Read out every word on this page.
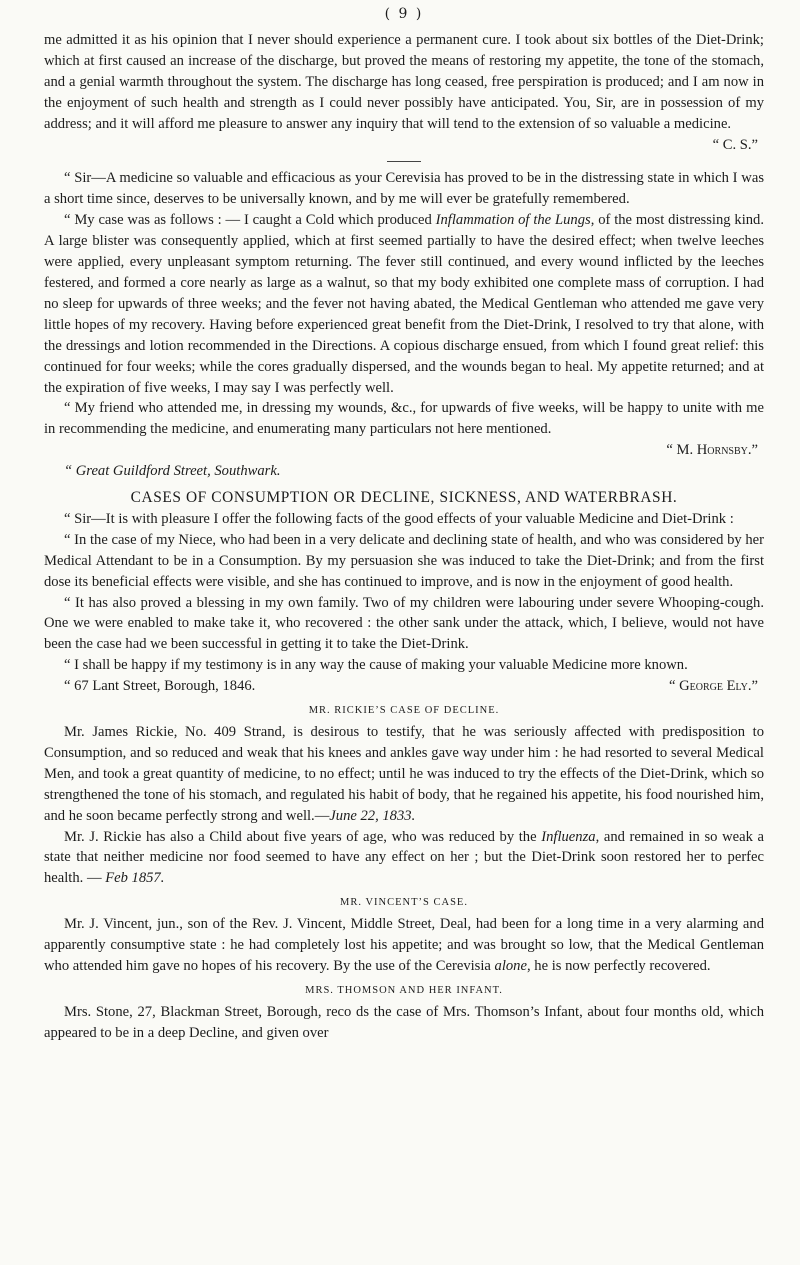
( 9 )

me admitted it as his opinion that I never should experience a permanent cure. I took about six bottles of the Diet-Drink; which at first caused an increase of the discharge, but proved the means of restoring my appetite, the tone of the stomach, and a genial warmth throughout the system. The discharge has long ceased, free perspiration is produced; and I am now in the enjoyment of such health and strength as I could never possibly have anticipated. You, Sir, are in possession of my address; and it will afford me pleasure to answer any inquiry that will tend to the extension of so valuable a medicine.

“ C. S.”

“ Sir—A medicine so valuable and efficacious as your Cerevisia has proved to be in the distressing state in which I was a short time since, deserves to be universally known, and by me will ever be gratefully remembered.

“ My case was as follows : — I caught a Cold which produced Inflammation of the Lungs, of the most distressing kind. A large blister was consequently applied, which at first seemed partially to have the desired effect; when twelve leeches were applied, every unpleasant symptom returning. The fever still continued, and every wound inflicted by the leeches festered, and formed a core nearly as large as a walnut, so that my body exhibited one complete mass of corruption. I had no sleep for upwards of three weeks; and the fever not having abated, the Medical Gentleman who attended me gave very little hopes of my recovery. Having before experienced great benefit from the Diet-Drink, I resolved to try that alone, with the dressings and lotion recommended in the Directions. A copious discharge ensued, from which I found great relief: this continued for four weeks; while the cores gradually dispersed, and the wounds began to heal. My appetite returned; and at the expiration of five weeks, I may say I was perfectly well.

“ My friend who attended me, in dressing my wounds, &c., for upwards of five weeks, will be happy to unite with me in recommending the medicine, and enumerating many particulars not here mentioned.

“ M. Hornsby.”

“ Great Guildford Street, Southwark.

CASES OF CONSUMPTION OR DECLINE, SICKNESS, AND WATERBRASH.

“ Sir—It is with pleasure I offer the following facts of the good effects of your valuable Medicine and Diet-Drink :

“ In the case of my Niece, who had been in a very delicate and declining state of health, and who was considered by her Medical Attendant to be in a Consumption. By my persuasion she was induced to take the Diet-Drink; and from the first dose its beneficial effects were visible, and she has continued to improve, and is now in the enjoyment of good health.

“ It has also proved a blessing in my own family. Two of my children were labouring under severe Whooping-cough. One we were enabled to make take it, who recovered : the other sank under the attack, which, I believe, would not have been the case had we been successful in getting it to take the Diet-Drink.

“ I shall be happy if my testimony is in any way the cause of making your valuable Medicine more known.

“ 67 Lant Street, Borough, 1846.	“ George Ely.”
MR. RICKIE’S CASE OF DECLINE.

Mr. James Rickie, No. 409 Strand, is desirous to testify, that he was seriously affected with predisposition to Consumption, and so reduced and weak that his knees and ankles gave way under him : he had resorted to several Medical Men, and took a great quantity of medicine, to no effect; until he was induced to try the effects of the Diet-Drink, which so strengthened the tone of his stomach, and regulated his habit of body, that he regained his appetite, his food nourished him, and he soon became perfectly strong and well.—June 22, 1833.

Mr. J. Rickie has also a Child about five years of age, who was reduced by the Influenza, and remained in so weak a state that neither medicine nor food seemed to have any effect on her ; but the Diet-Drink soon restored her to perfec health. — Feb 1857.

MR. VINCENT’S CASE.

Mr. J. Vincent, jun., son of the Rev. J. Vincent, Middle Street, Deal, had been for a long time in a very alarming and apparently consumptive state : he had completely lost his appetite; and was brought so low, that the Medical Gentleman who attended him gave no hopes of his recovery. By the use of the Cerevisia alone, he is now perfectly recovered.

MRS. THOMSON AND HER INFANT.

Mrs. Stone, 27, Blackman Street, Borough, reco ds the case of Mrs. Thomson’s Infant, about four months old, which appeared to be in a deep Decline, and given over
